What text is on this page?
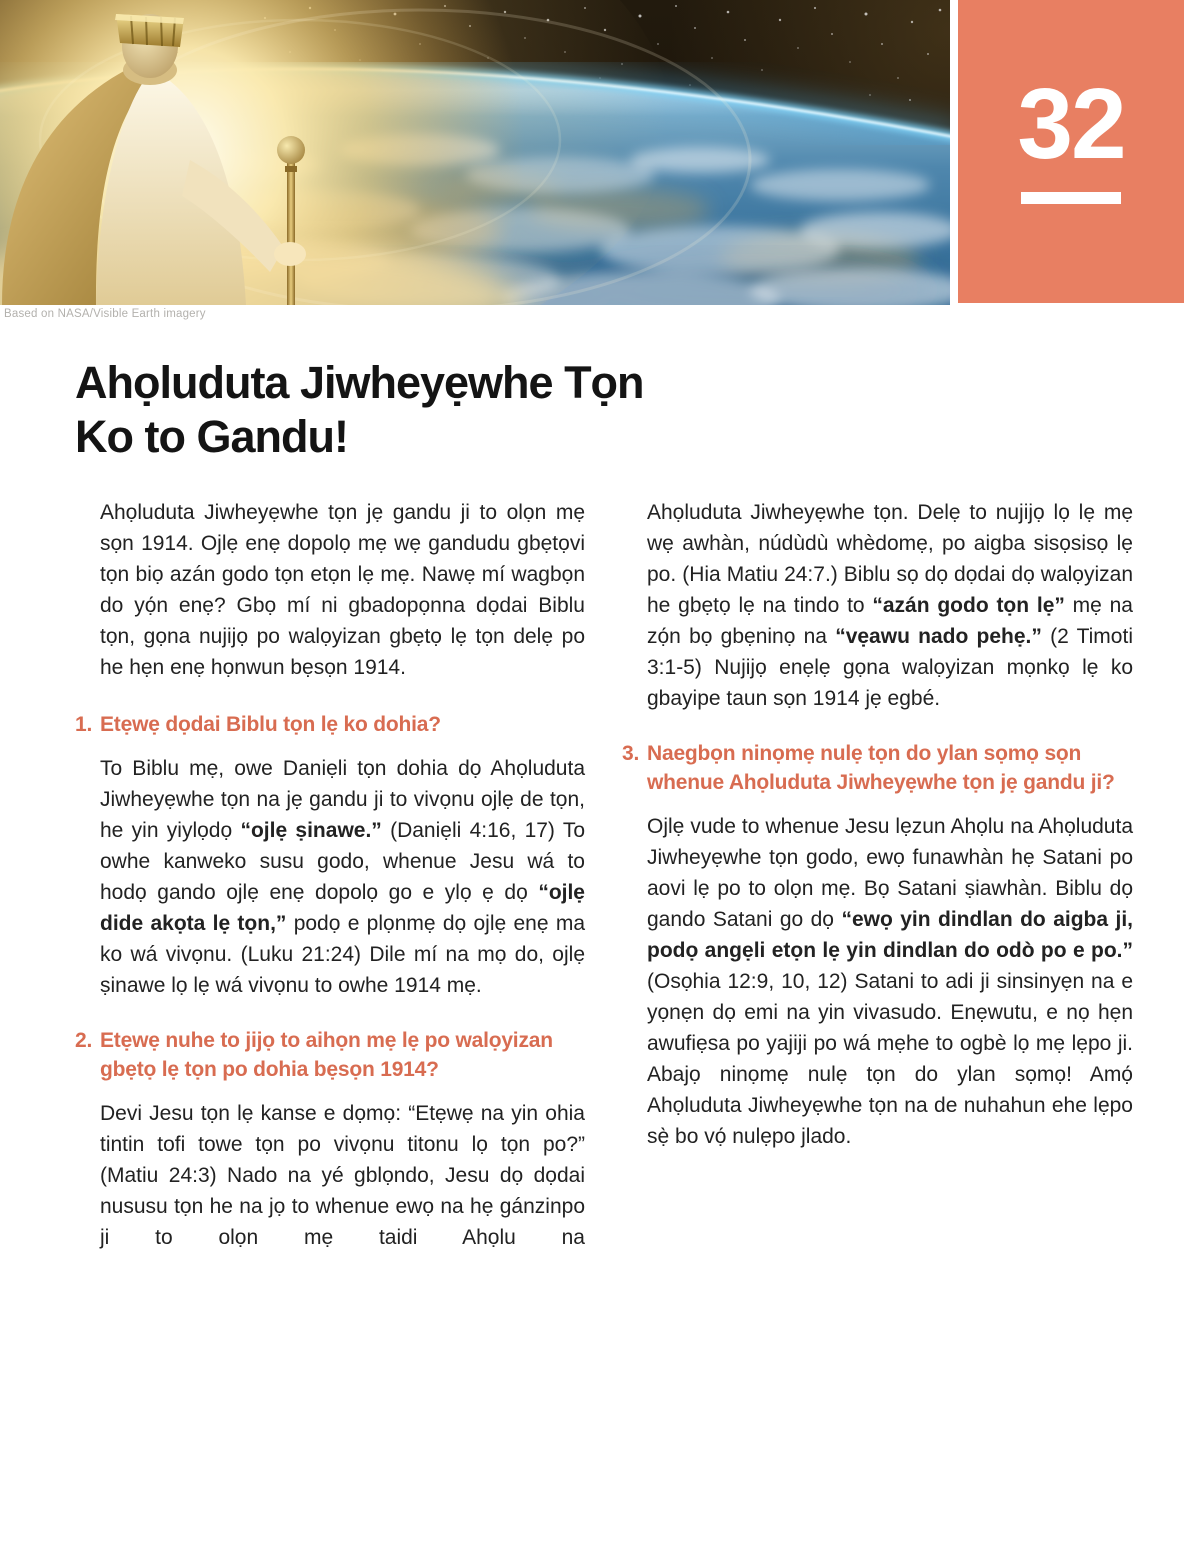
32
Based on NASA/Visible Earth imagery
Ahọluduta Jiwheyẹwhe Tọn
Ko to Gandu!

Ahọluduta Jiwheyẹwhe tọn jẹ gandu ji to olọn mẹ sọn 1914. Ojlẹ enẹ dopolọ mẹ wẹ gandudu gbẹtọvi tọn biọ azán godo tọn etọn lẹ mẹ. Nawẹ mí wagbọn do yọ́n enẹ? Gbọ mí ni gbadopọnna dọdai Biblu tọn, gọna nujijọ po walọyizan gbẹtọ lẹ tọn delẹ po he hẹn enẹ họnwun bẹsọn 1914.

1. Etẹwẹ dọdai Biblu tọn lẹ ko dohia?

To Biblu mẹ, owe Daniẹli tọn dohia dọ Ahọluduta Jiwheyẹwhe tọn na jẹ gandu ji to vivọnu ojlẹ de tọn, he yin yiylọdọ “ojlẹ ṣinawe.” (Daniẹli 4:16, 17) To owhe kanweko susu godo, whenue Jesu wá to hodọ gando ojlẹ enẹ dopolọ go e ylọ ẹ dọ “ojlẹ dide akọta lẹ tọn,” podọ e plọnmẹ dọ ojlẹ enẹ ma ko wá vivọnu. (Luku 21:24) Dile mí na mọ do, ojlẹ ṣinawe lọ lẹ wá vivọnu to owhe 1914 mẹ.

2. Etẹwẹ nuhe to jijọ to aihọn mẹ lẹ po walọyizan gbẹtọ lẹ tọn po dohia bẹsọn 1914?

Devi Jesu tọn lẹ kanse e dọmọ: “Etẹwẹ na yin ohia tintin tofi towe tọn po vivọnu titonu lọ tọn po?” (Matiu 24:3) Nado na yé gblọndo, Jesu dọ dọdai nususu tọn he na jọ to whenue ewọ na hẹ gánzinpo ji to olọn mẹ taidi Ahọlu na

Ahọluduta Jiwheyẹwhe tọn. Delẹ to nujijọ lọ lẹ mẹ wẹ awhàn, núdùdù whèdomẹ, po aigba sisọsisọ lẹ po. (Hia Matiu 24:7.) Biblu sọ dọ dọdai dọ walọyizan he gbẹtọ lẹ na tindo to “azán godo tọn lẹ” mẹ na zọ́n bọ gbẹninọ na “vẹawu nado pehẹ.” (2 Timoti 3:1-5) Nujijọ enẹlẹ gọna walọyizan mọnkọ lẹ ko gbayipe taun sọn 1914 jẹ egbé.

3. Naegbọn ninọmẹ nulẹ tọn do ylan sọmọ sọn whenue Ahọluduta Jiwheyẹwhe tọn jẹ gandu ji?

Ojlẹ vude to whenue Jesu lẹzun Ahọlu na Ahọluduta Jiwheyẹwhe tọn godo, ewọ funawhàn hẹ Satani po aovi lẹ po to olọn mẹ. Bọ Satani ṣiawhàn. Biblu dọ gando Satani go dọ “ewọ yin dindlan do aigba ji, podọ angẹli etọn lẹ yin dindlan do odò po e po.” (Osọhia 12:9, 10, 12) Satani to adi ji sinsinyẹn na e yọnẹn dọ emi na yin vivasudo. Enẹwutu, e nọ hẹn awufiẹsa po yajiji po wá mẹhe to ogbè lọ mẹ lẹpo ji. Abajọ ninọmẹ nulẹ tọn do ylan sọmọ! Amọ́ Ahọluduta Jiwheyẹwhe tọn na de nuhahun ehe lẹpo sẹ̀ bo vọ́ nulẹpo jlado.
